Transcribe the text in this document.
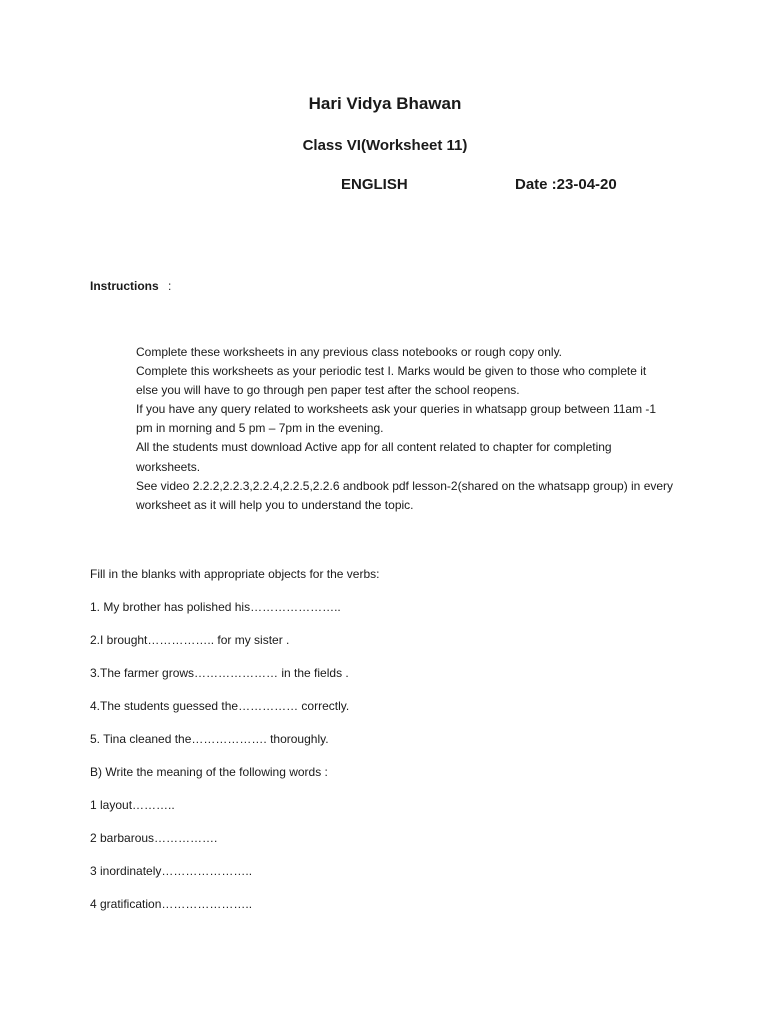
Hari Vidya Bhawan
Class VI(Worksheet 11)
ENGLISH	Date :23-04-20
Instructions :
Complete these worksheets in any previous class notebooks or rough copy only.
Complete this worksheets as your periodic test I. Marks would be given to those who complete it
else you will have to go through pen paper test after the school reopens.
If you have any query related to worksheets ask your queries in whatsapp group between 11am -1
pm in morning and 5 pm – 7pm in the evening.
All the students must download Active app for all content related to chapter for completing
worksheets.
See video 2.2.2,2.2.3,2.2.4,2.2.5,2.2.6 andbook pdf lesson-2(shared on the whatsapp group) in every
worksheet as it will help you to understand the topic.
Fill in the blanks with appropriate objects for the verbs:
1. My brother has polished his…………………..
2.I brought…………….. for my sister .
3.The farmer grows………………… in the fields .
4.The students guessed the…………… correctly.
5. Tina cleaned the………………. thoroughly.
B) Write the meaning of the following words :
1 layout………..
2 barbarous…………….
3 inordinately…………………..
4 gratification…………………..
